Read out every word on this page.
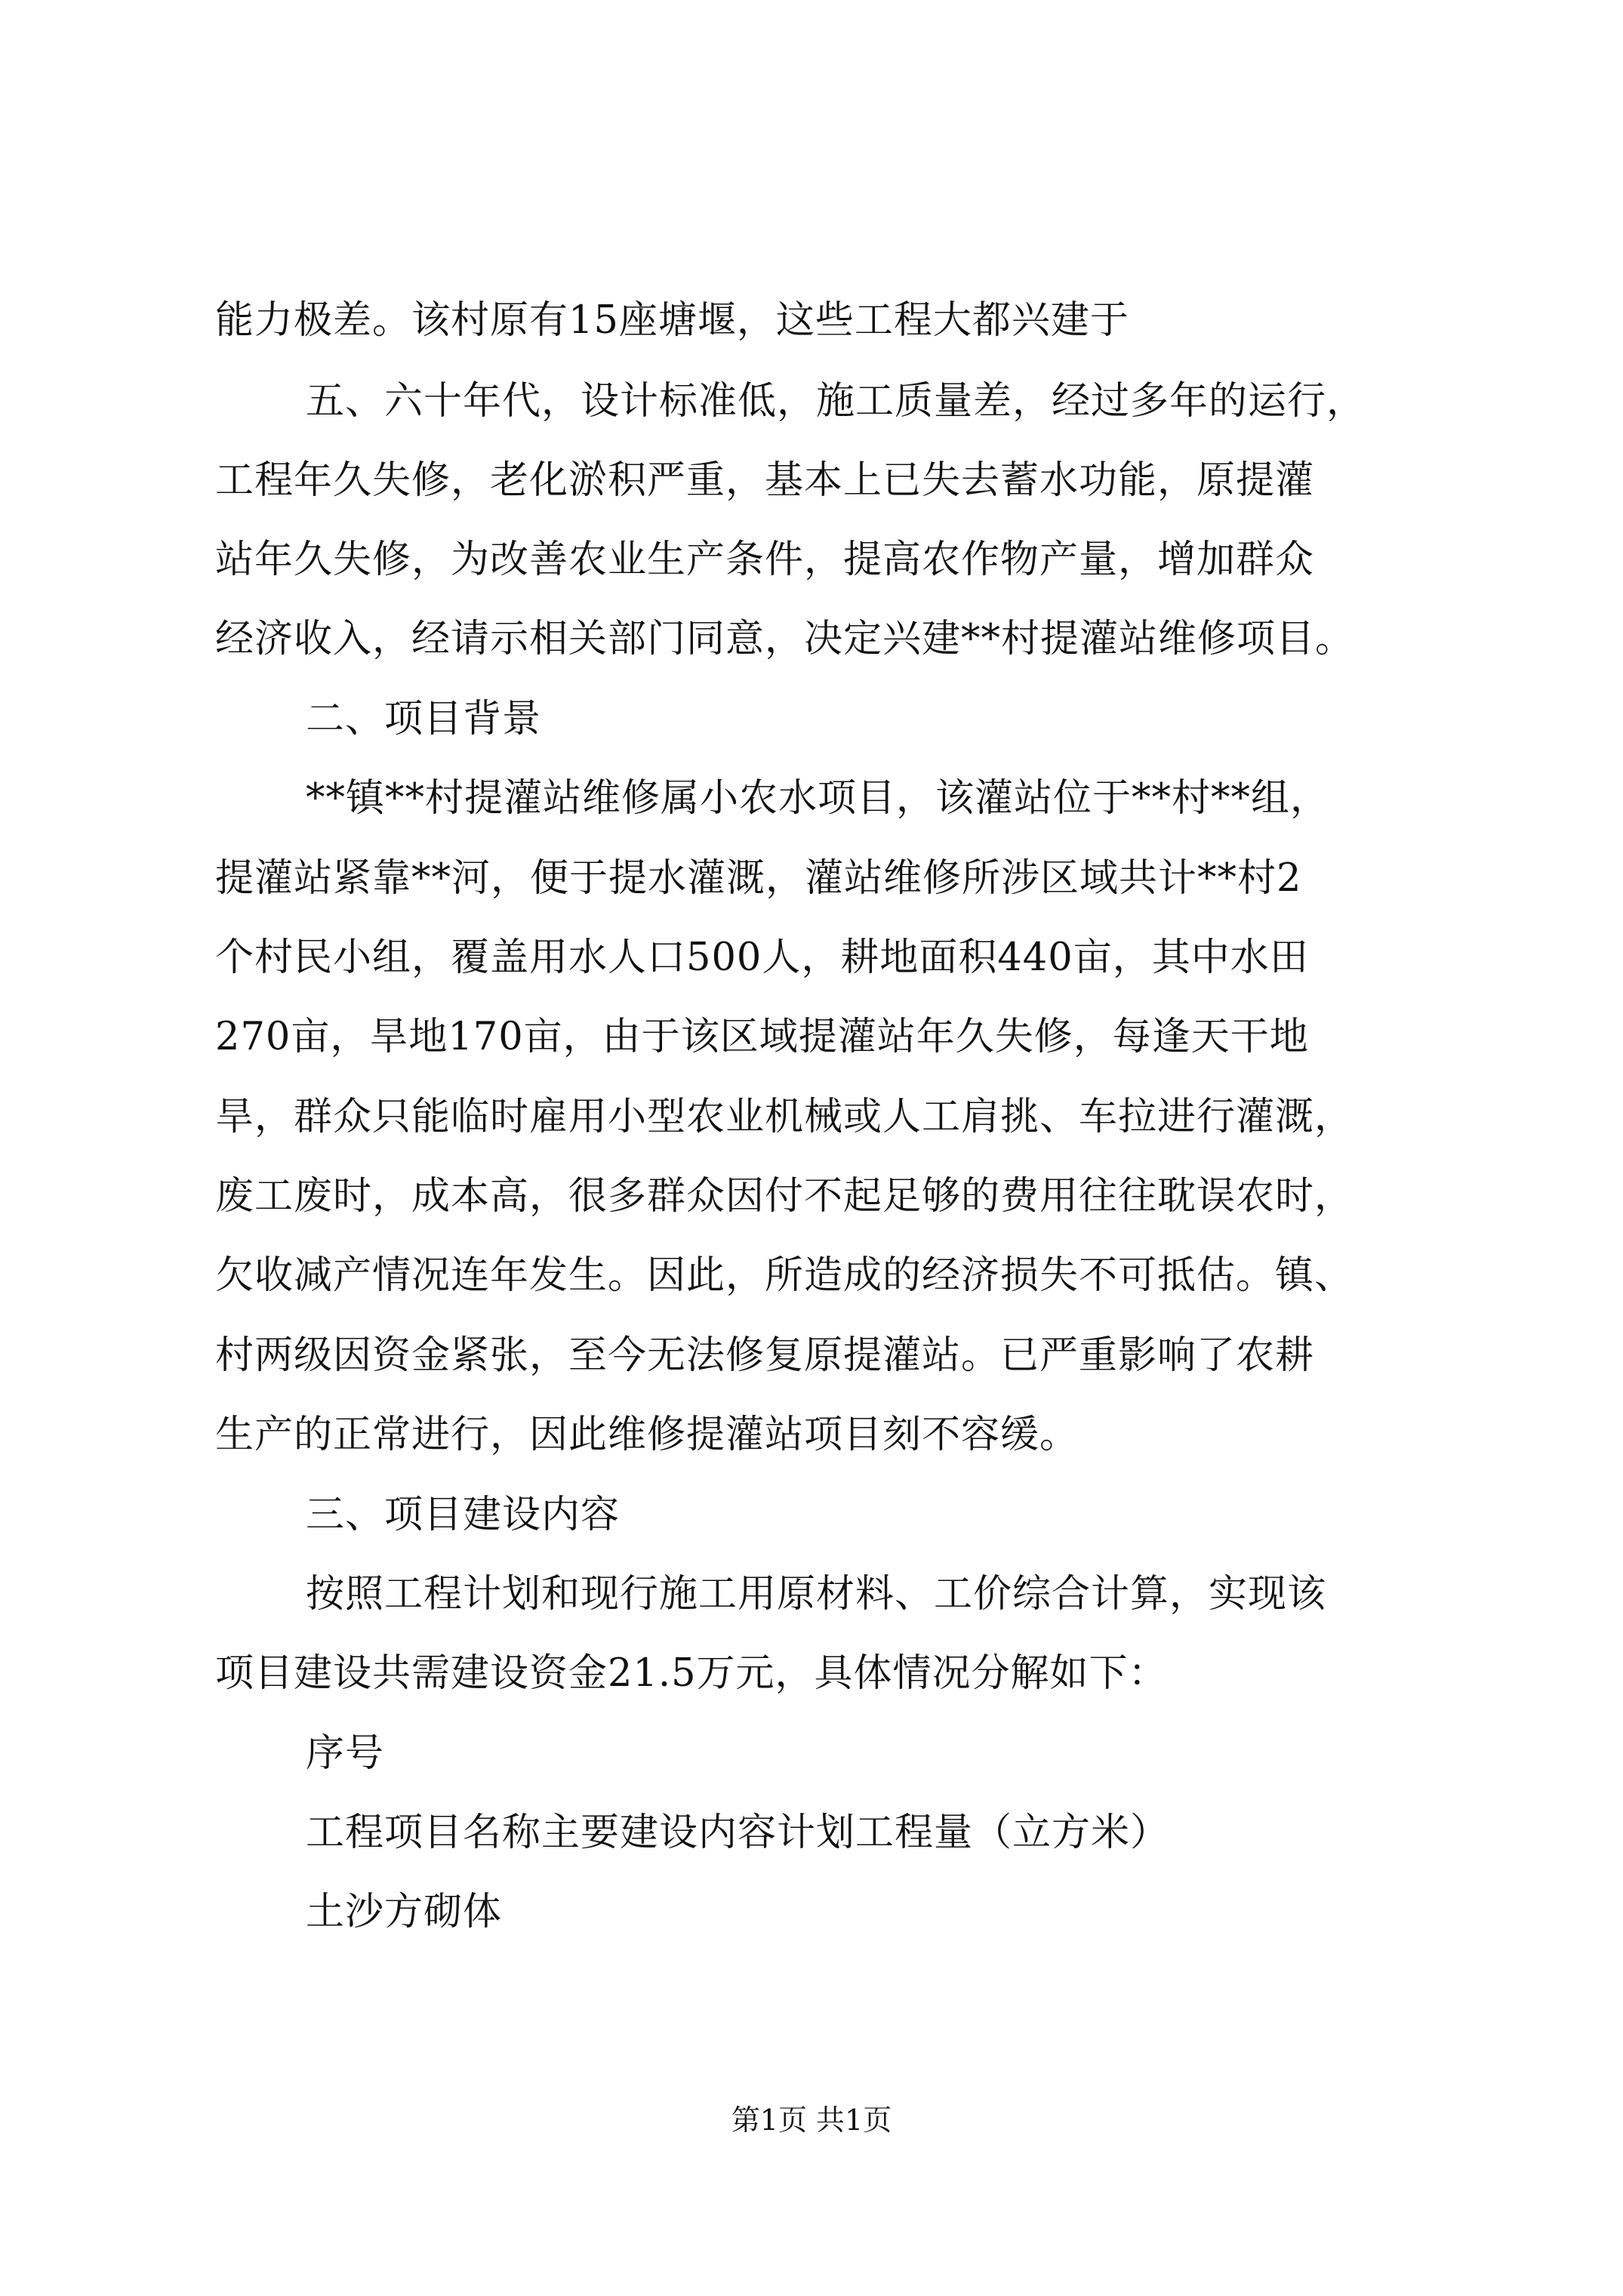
能力极差。该村原有15座塘堰，这些工程大都兴建于
五、六十年代，设计标准低，施工质量差，经过多年的运行，
工程年久失修，老化淤积严重，基本上已失去蓄水功能，原提灌
站年久失修，为改善农业生产条件，提高农作物产量，增加群众
经济收入，经请示相关部门同意，决定兴建**村提灌站维修项目。
二、项目背景
**镇**村提灌站维修属小农水项目，该灌站位于**村**组，
提灌站紧靠**河，便于提水灌溉，灌站维修所涉区域共计**村2
个村民小组，覆盖用水人口500人，耕地面积440亩，其中水田
270亩，旱地170亩，由于该区域提灌站年久失修，每逢天干地
旱，群众只能临时雇用小型农业机械或人工肩挑、车拉进行灌溉，
废工废时，成本高，很多群众因付不起足够的费用往往耽误农时，
欠收减产情况连年发生。因此，所造成的经济损失不可抵估。镇、
村两级因资金紧张，至今无法修复原提灌站。已严重影响了农耕
生产的正常进行，因此维修提灌站项目刻不容缓。
三、项目建设内容
按照工程计划和现行施工用原材料、工价综合计算，实现该
项目建设共需建设资金21.5万元，具体情况分解如下：
序号
工程项目名称主要建设内容计划工程量（立方米）
土沙方砌体
第1页 共1页
